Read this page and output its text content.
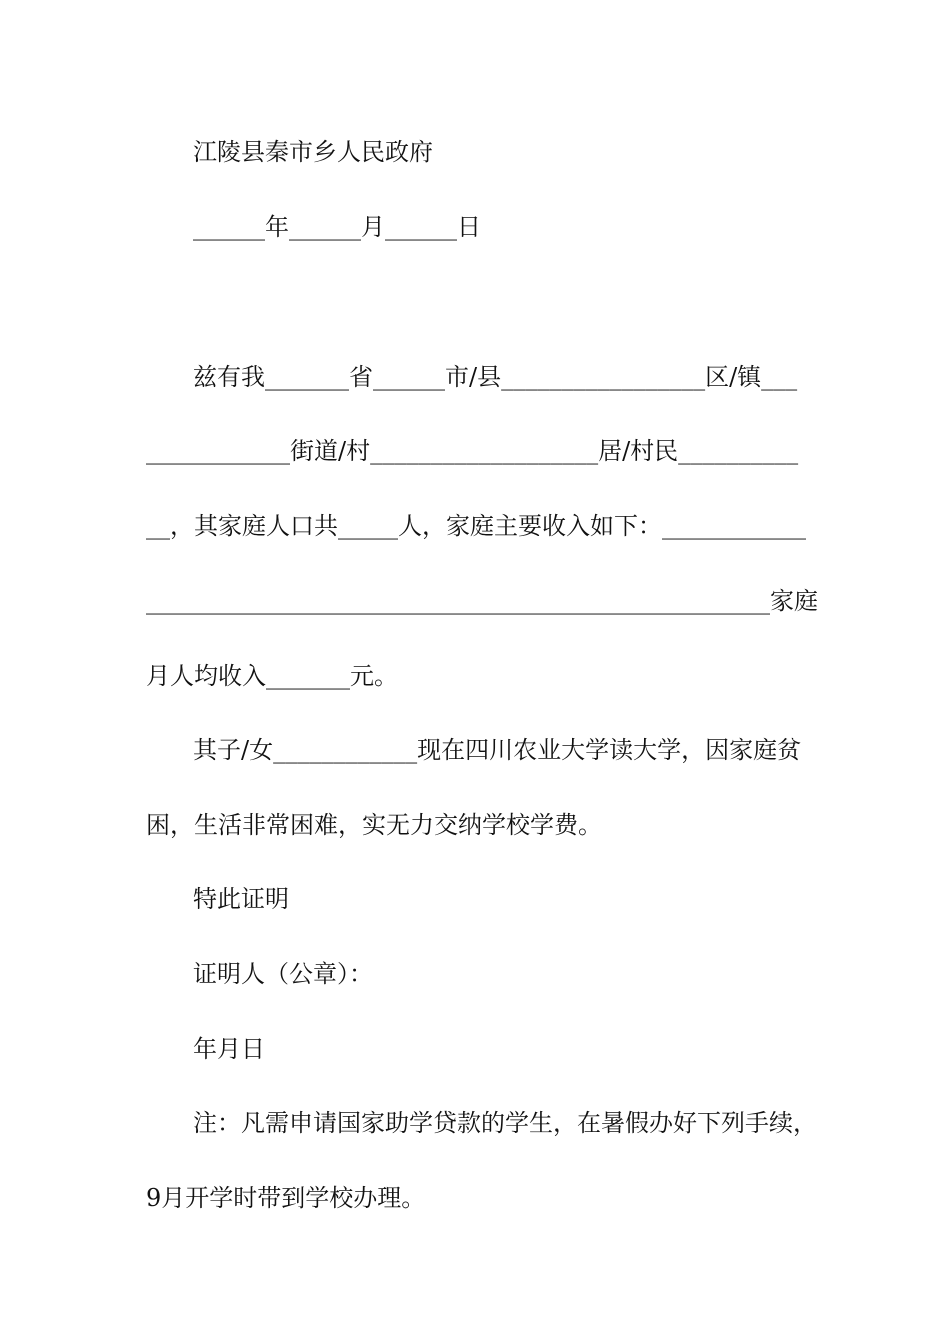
江陵县秦市乡人民政府
______年______月______日
兹有我_______省______市/县_________________区/镇___
____________街道/村___________________居/村民__________
__，其家庭人口共_____人，家庭主要收入如下：____________
____________________________________________________家庭
月人均收入_______元。
其子/女____________现在四川农业大学读大学，因家庭贫
困，生活非常困难，实无力交纳学校学费。
特此证明
证明人（公章）：
年月日
注：凡需申请国家助学贷款的学生，在暑假办好下列手续，
9月开学时带到学校办理。
